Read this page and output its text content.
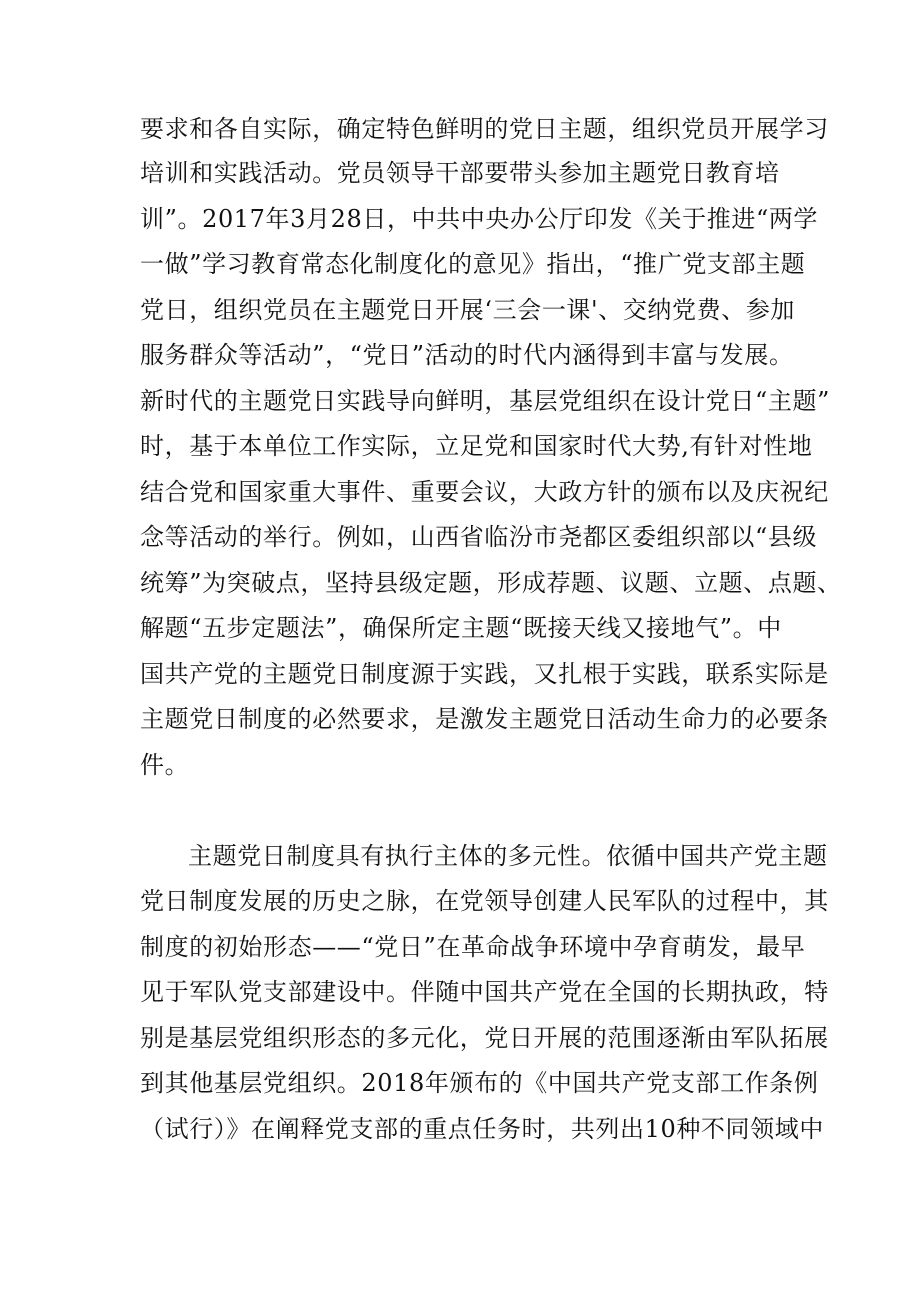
要求和各自实际，确定特色鲜明的党日主题，组织党员开展学习
培训和实践活动。党员领导干部要带头参加主题党日教育培
训”。2017年3月28日，中共中央办公厅印发《关于推进“两学
一做”学习教育常态化制度化的意见》指出，“推广党支部主题
党日，组织党员在主题党日开展‘三会一课'、交纳党费、参加
服务群众等活动”，“党日”活动的时代内涵得到丰富与发展。
新时代的主题党日实践导向鲜明，基层党组织在设计党日“主题”
时，基于本单位工作实际，立足党和国家时代大势,有针对性地
结合党和国家重大事件、重要会议，大政方针的颁布以及庆祝纪
念等活动的举行。例如，山西省临汾市尧都区委组织部以“县级
统筹”为突破点，坚持县级定题，形成荐题、议题、立题、点题、
解题“五步定题法”，确保所定主题“既接天线又接地气”。中
国共产党的主题党日制度源于实践，又扎根于实践，联系实际是
主题党日制度的必然要求，是激发主题党日活动生命力的必要条
件。
主题党日制度具有执行主体的多元性。依循中国共产党主题
党日制度发展的历史之脉，在党领导创建人民军队的过程中，其
制度的初始形态——“党日”在革命战争环境中孕育萌发，最早
见于军队党支部建设中。伴随中国共产党在全国的长期执政，特
别是基层党组织形态的多元化，党日开展的范围逐渐由军队拓展
到其他基层党组织。2018年颁布的《中国共产党支部工作条例
（试行）》在阐释党支部的重点任务时，共列出10种不同领域中
